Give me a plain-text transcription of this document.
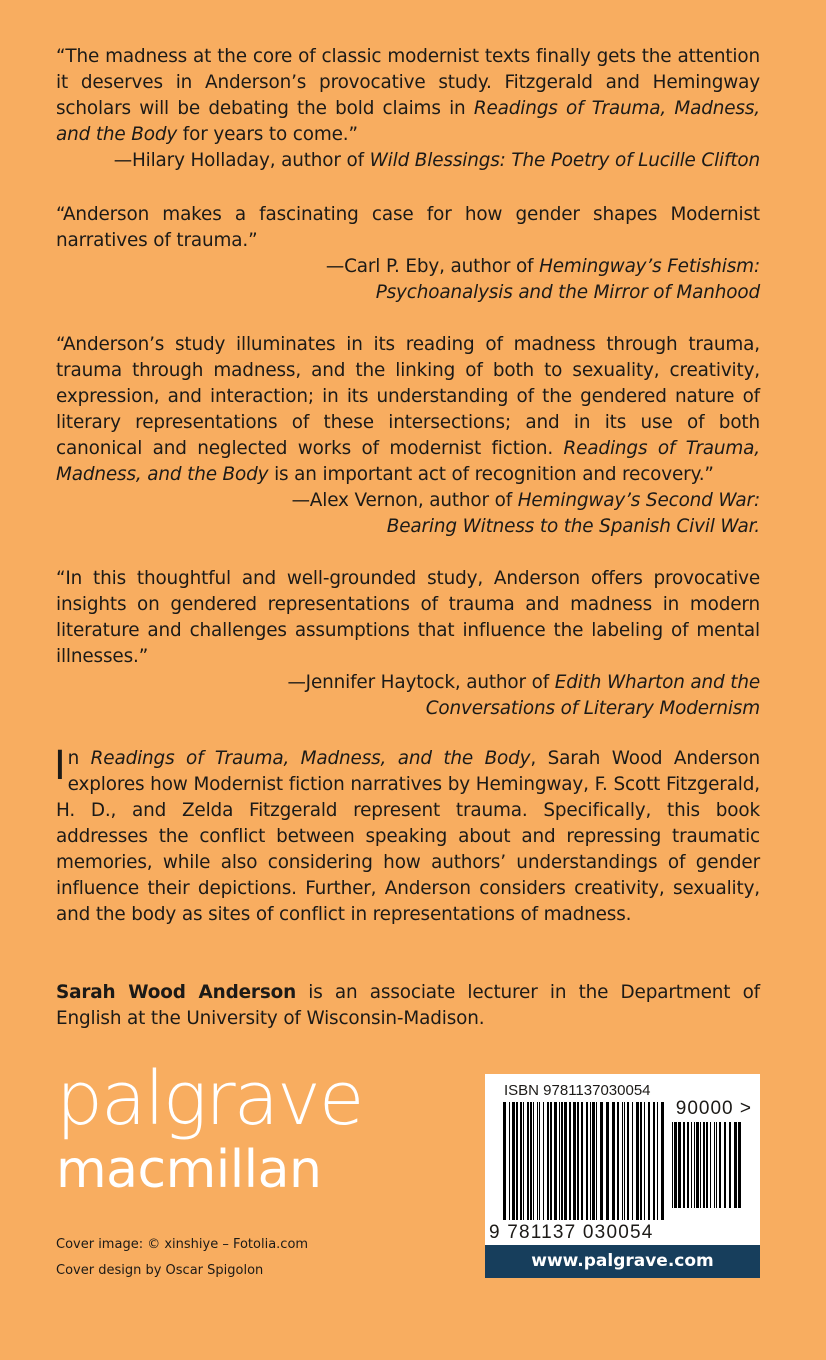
“The madness at the core of classic modernist texts finally gets the attention it deserves in Anderson’s provocative study. Fitzgerald and Hemingway scholars will be debating the bold claims in Readings of Trauma, Madness, and the Body for years to come.”

—Hilary Holladay, author of Wild Blessings: The Poetry of Lucille Clifton

“Anderson makes a fascinating case for how gender shapes Modernist narratives of trauma.”

—Carl P. Eby, author of Hemingway’s Fetishism:

Psychoanalysis and the Mirror of Manhood

“Anderson’s study illuminates in its reading of madness through trauma, trauma through madness, and the linking of both to sexuality, creativity, expression, and interaction; in its understanding of the gendered nature of literary representations of these intersections; and in its use of both canonical and neglected works of modernist fiction. Readings of Trauma, Madness, and the Body is an important act of recognition and recovery.”

—Alex Vernon, author of Hemingway’s Second War:

Bearing Witness to the Spanish Civil War.

“In this thoughtful and well-grounded study, Anderson offers provocative insights on gendered representations of trauma and madness in modern literature and challenges assumptions that influence the labeling of mental illnesses.”

—Jennifer Haytock, author of Edith Wharton and the

Conversations of Literary Modernism

In Readings of Trauma, Madness, and the Body, Sarah Wood Anderson explores how Modernist fiction narratives by Hemingway, F. Scott Fitzgerald, H. D., and Zelda Fitzgerald represent trauma. Specifically, this book addresses the conflict between speaking about and repressing traumatic memories, while also considering how authors’ understandings of gender influence their depictions. Further, Anderson considers creativity, sexuality, and the body as sites of conflict in representations of madness.

Sarah Wood Anderson is an associate lecturer in the Department of English at the University of Wisconsin-Madison.

palgrave
macmillan
Cover image: © xinshiye – Fotolia.com
Cover design by Oscar Spigolon
ISBN 9781137030054
90000 >
9 781137 030054
www.palgrave.com
